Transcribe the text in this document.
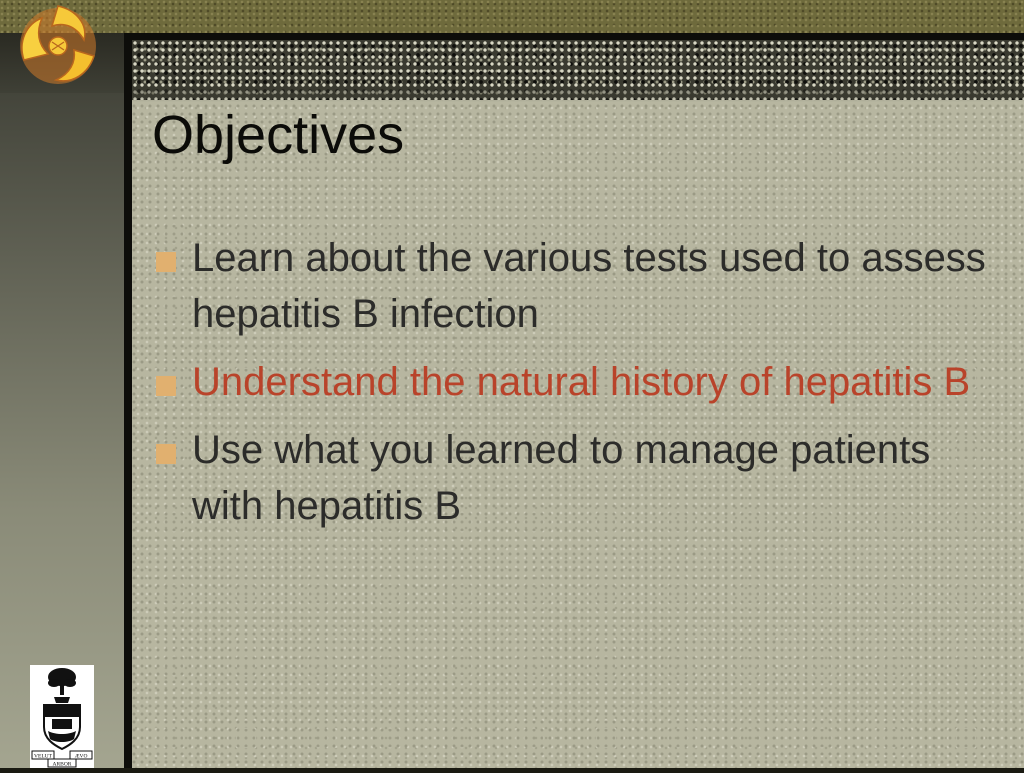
VELUT	ÆVO
ARBOR
Objectives
Learn about the various tests used to assess hepatitis B infection
Understand the natural history of hepatitis B
Use what you learned to manage patients with hepatitis B
